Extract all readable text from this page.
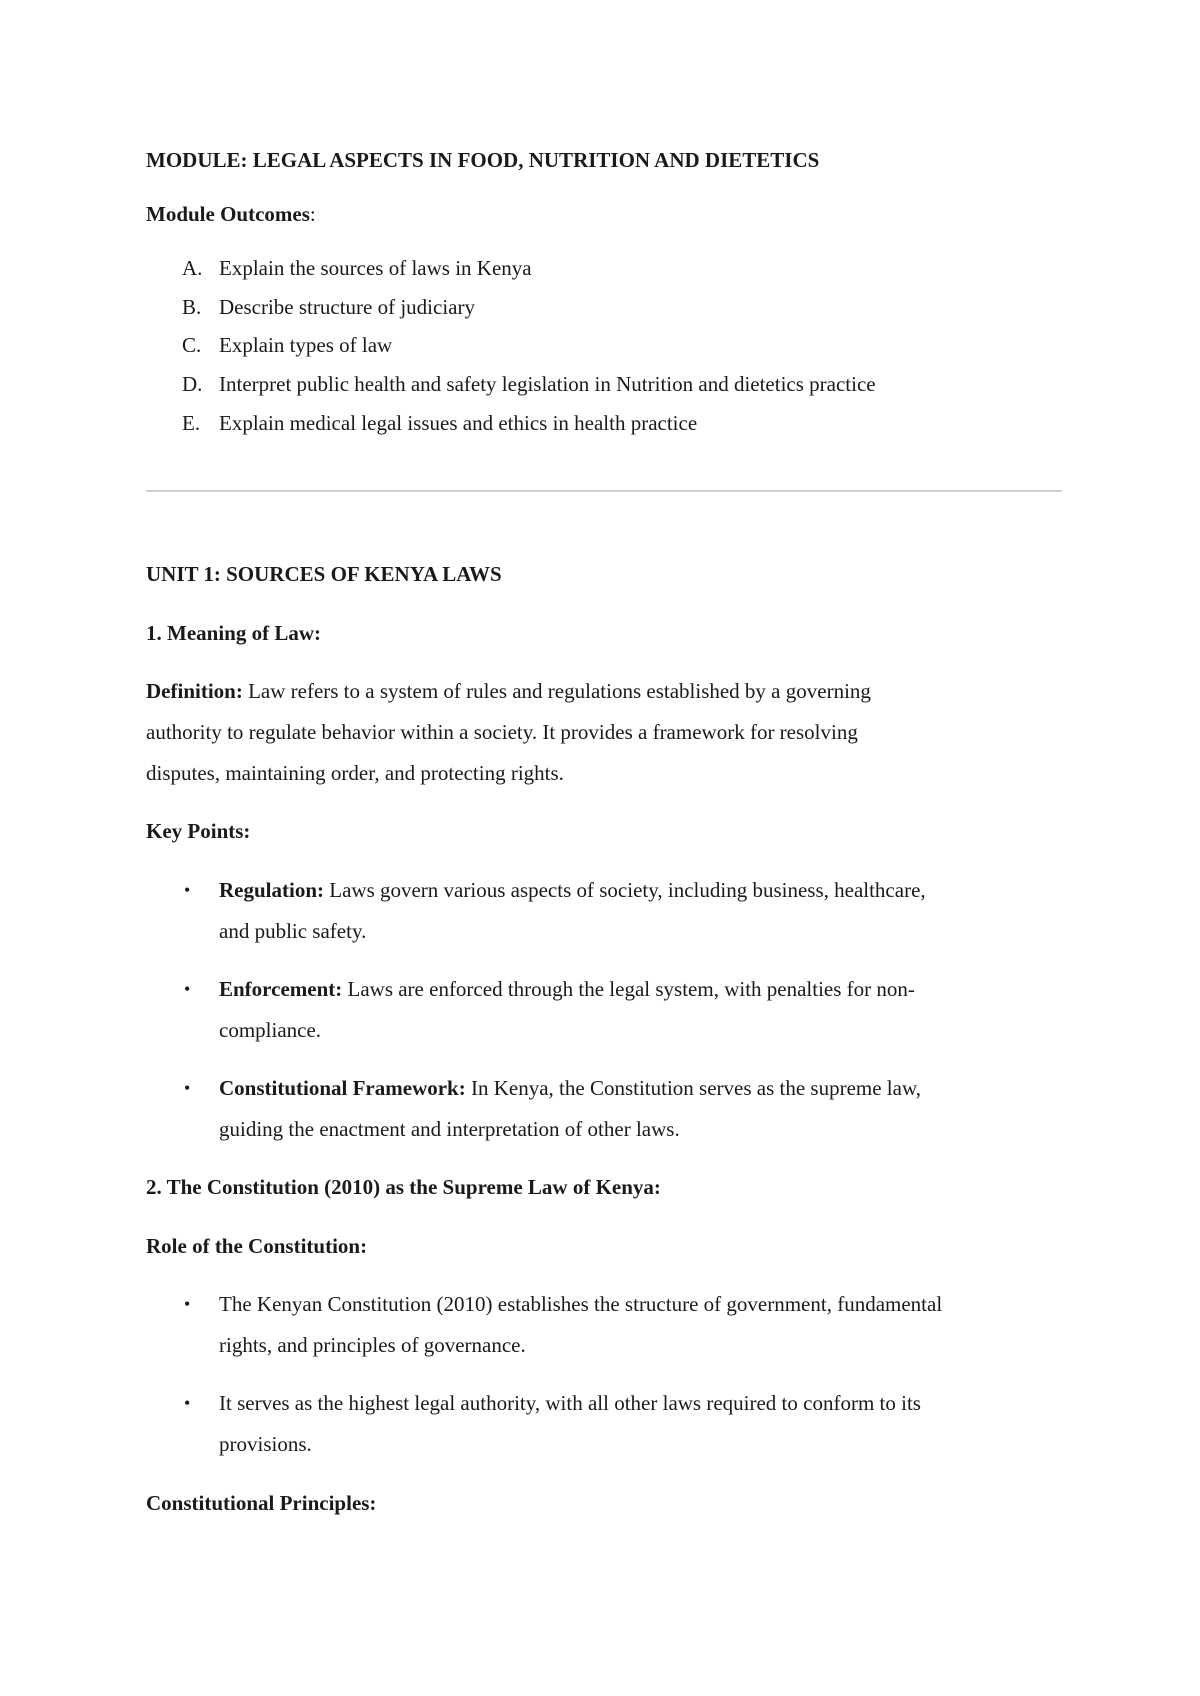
MODULE: LEGAL ASPECTS IN FOOD, NUTRITION AND DIETETICS
Module Outcomes:
A. Explain the sources of laws in Kenya
B. Describe structure of judiciary
C. Explain types of law
D. Interpret public health and safety legislation in Nutrition and dietetics practice
E. Explain medical legal issues and ethics in health practice
UNIT 1: SOURCES OF KENYA LAWS
1. Meaning of Law:
Definition: Law refers to a system of rules and regulations established by a governing
authority to regulate behavior within a society. It provides a framework for resolving
disputes, maintaining order, and protecting rights.
Key Points:
• Regulation: Laws govern various aspects of society, including business, healthcare,
and public safety.
• Enforcement: Laws are enforced through the legal system, with penalties for non-
compliance.
• Constitutional Framework: In Kenya, the Constitution serves as the supreme law,
guiding the enactment and interpretation of other laws.
2. The Constitution (2010) as the Supreme Law of Kenya:
Role of the Constitution:
• The Kenyan Constitution (2010) establishes the structure of government, fundamental
rights, and principles of governance.
• It serves as the highest legal authority, with all other laws required to conform to its
provisions.
Constitutional Principles:
